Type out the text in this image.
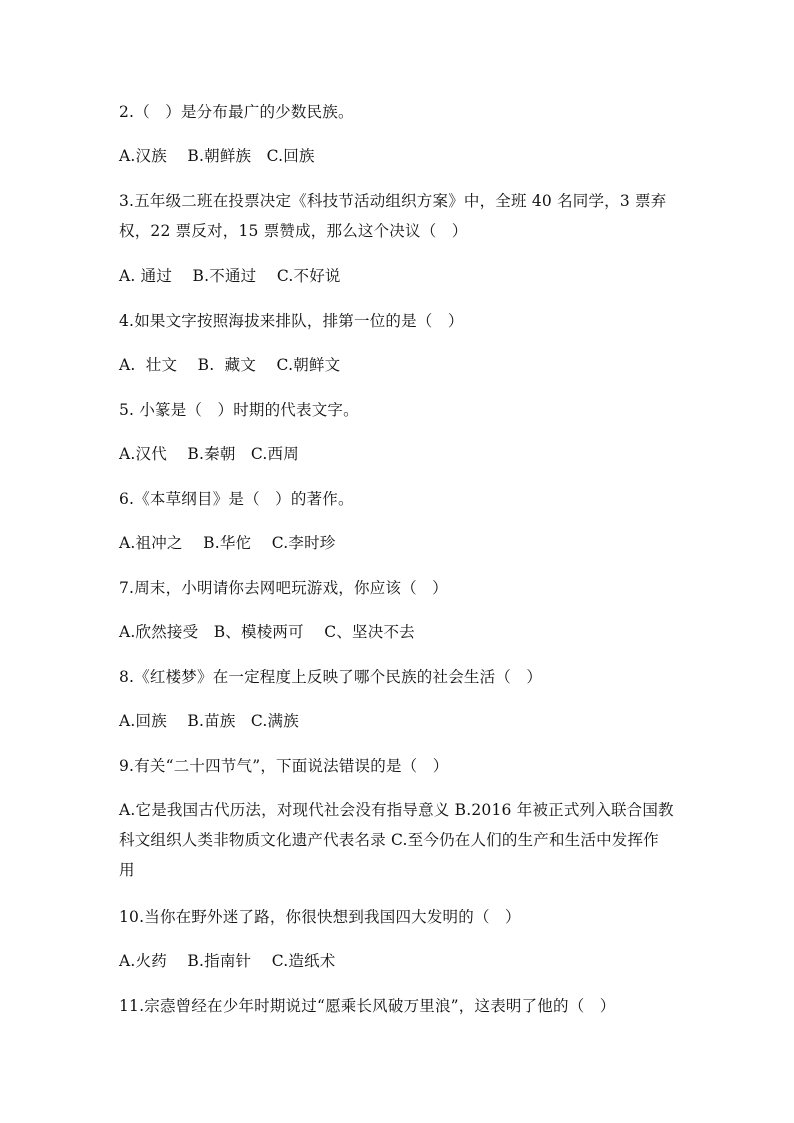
2.（   ）是分布最广的少数民族。
A.汉族    B.朝鲜族   C.回族
3.五年级二班在投票决定《科技节活动组织方案》中，全班 40 名同学，3 票弃
权，22 票反对，15 票赞成，那么这个决议（   ）
A. 通过    B.不通过    C.不好说
4.如果文字按照海拔来排队，排第一位的是（   ）
A.  壮文    B.  藏文    C.朝鲜文
5. 小篆是（   ）时期的代表文字。
A.汉代    B.秦朝   C.西周
6.《本草纲目》是（   ）的著作。
A.祖冲之    B.华佗    C.李时珍
7.周末，小明请你去网吧玩游戏，你应该（   ）
A.欣然接受   B、模棱两可    C、坚决不去
8.《红楼梦》在一定程度上反映了哪个民族的社会生活（   ）
A.回族    B.苗族   C.满族
9.有关“二十四节气”，下面说法错误的是（   ）
A.它是我国古代历法，对现代社会没有指导意义 B.2016 年被正式列入联合国教
科文组织人类非物质文化遗产代表名录 C.至今仍在人们的生产和生活中发挥作
用
10.当你在野外迷了路，你很快想到我国四大发明的（   ）
A.火药    B.指南针    C.造纸术
11.宗悫曾经在少年时期说过“愿乘长风破万里浪”，这表明了他的（   ）
